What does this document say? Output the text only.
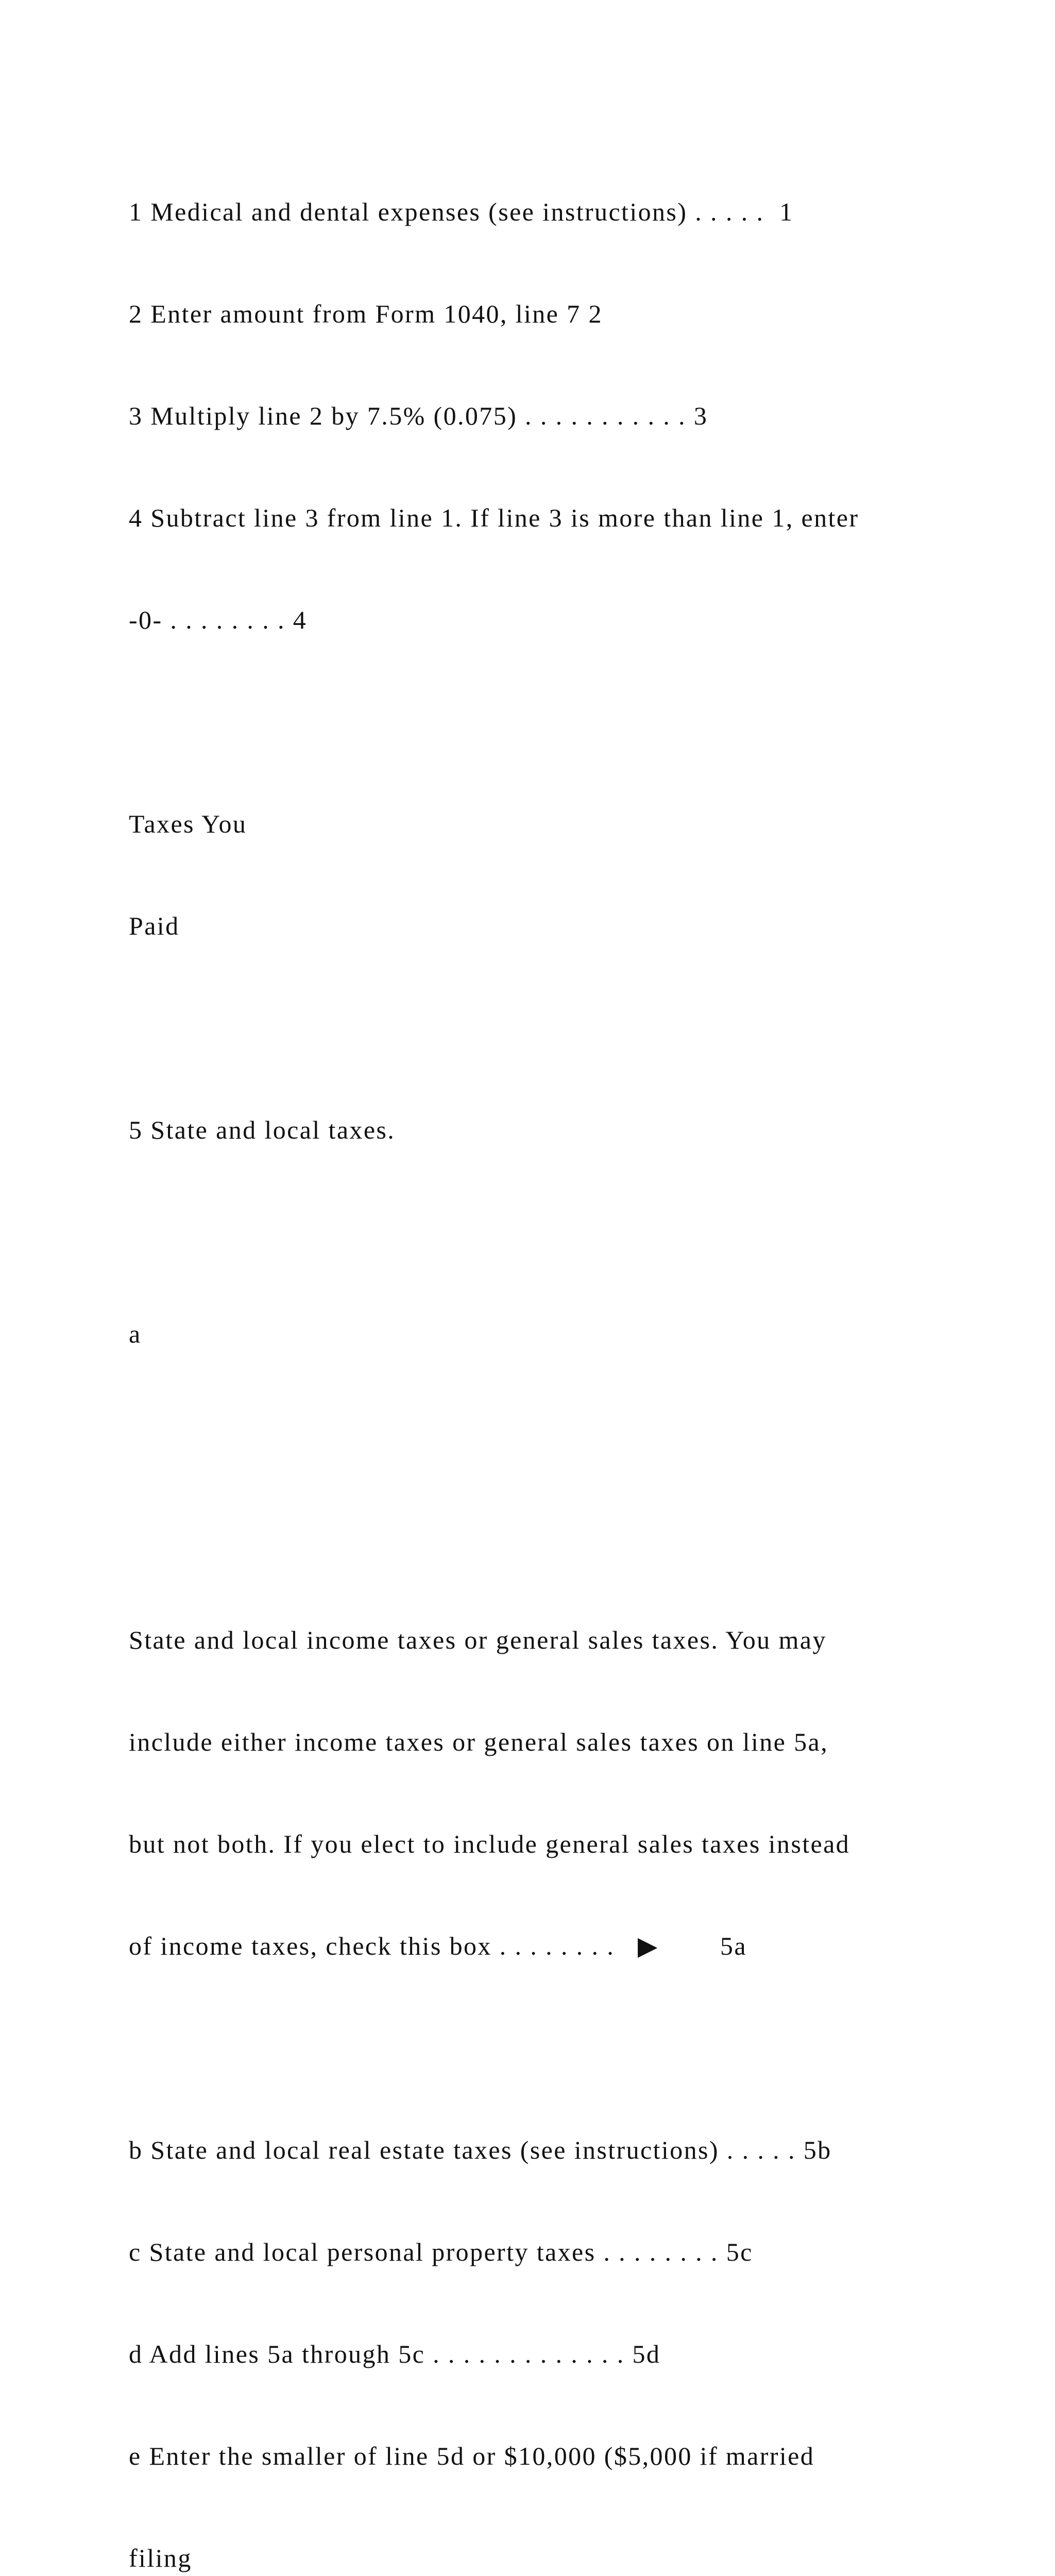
1 Medical and dental expenses (see instructions) . . . . .  1

2 Enter amount from Form 1040, line 7 2

3 Multiply line 2 by 7.5% (0.075) . . . . . . . . . . . 3

4 Subtract line 3 from line 1. If line 3 is more than line 1, enter

-0- . . . . . . . . 4

Taxes You

Paid

5 State and local taxes.

a

State and local income taxes or general sales taxes. You may

include either income taxes or general sales taxes on line 5a,

but not both. If you elect to include general sales taxes instead

of income taxes, check this box . . . . . . . .   ▶        5a

b State and local real estate taxes (see instructions) . . . . . 5b

c State and local personal property taxes . . . . . . . . 5c

d Add lines 5a through 5c . . . . . . . . . . . . . 5d

e Enter the smaller of line 5d or $10,000 ($5,000 if married

filing
